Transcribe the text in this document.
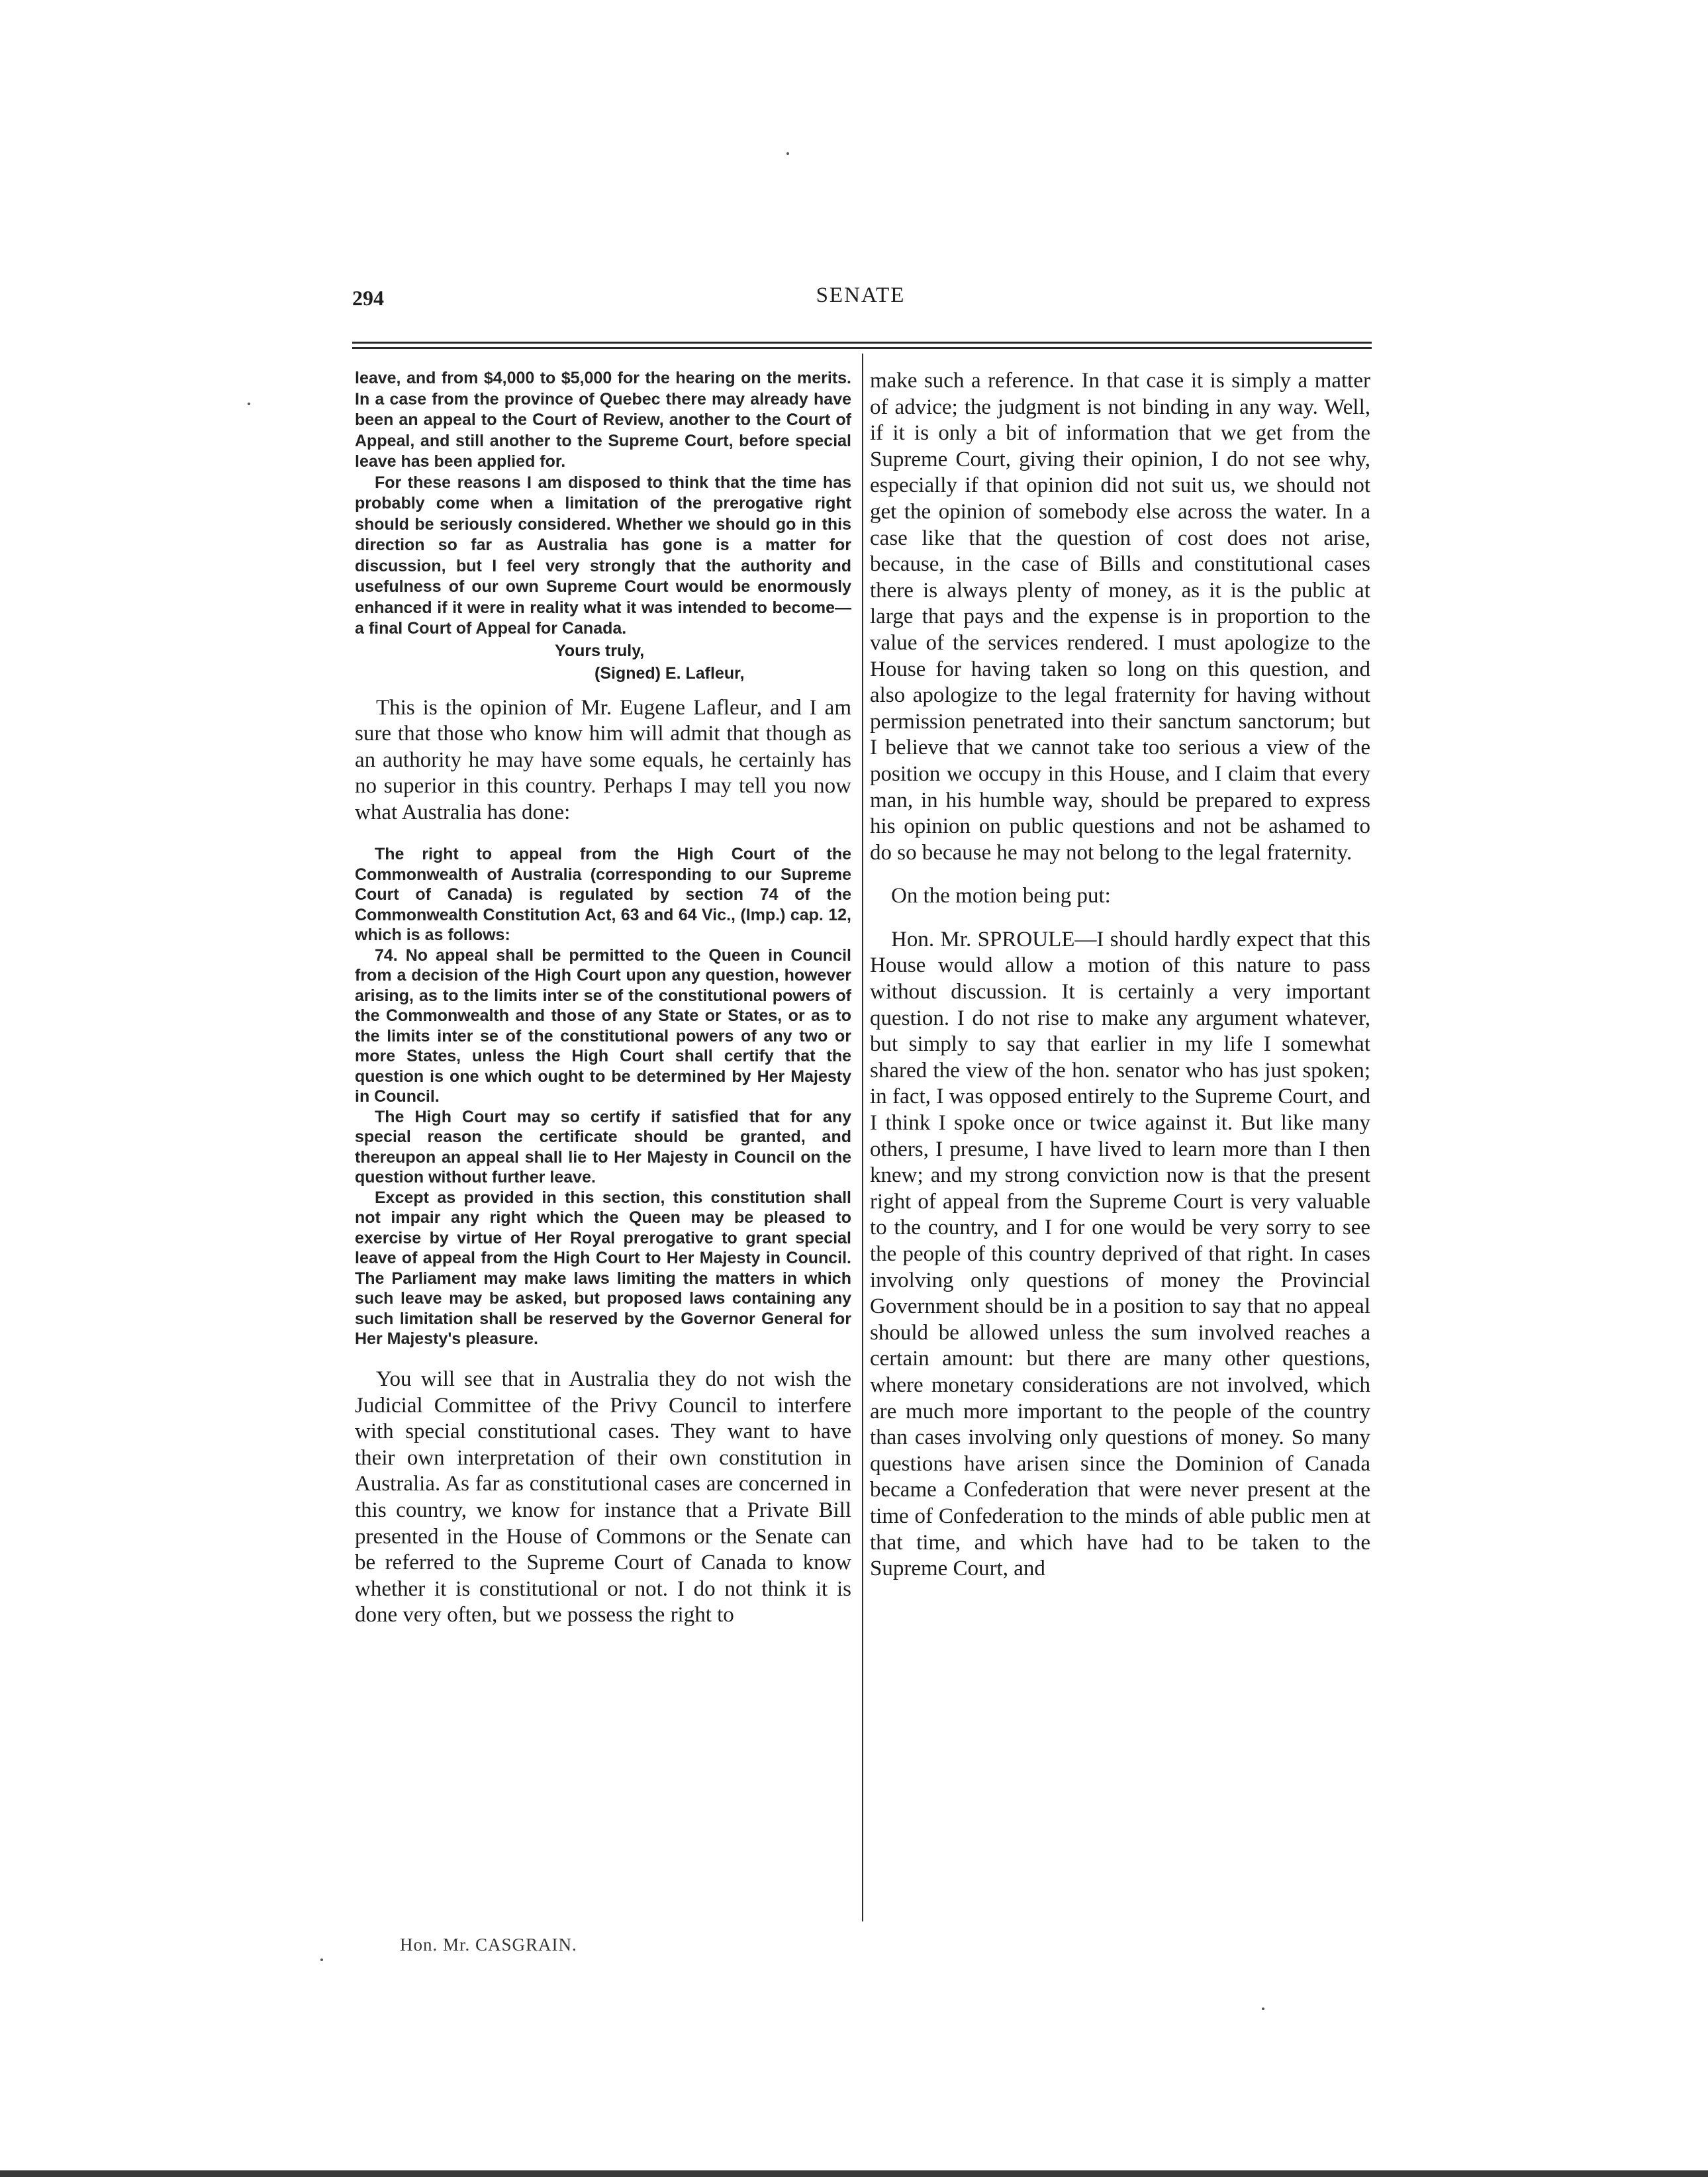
294	SENATE

leave, and from $4,000 to $5,000 for the hearing on the merits. In a case from the province of Quebec there may already have been an appeal to the Court of Review, another to the Court of Appeal, and still another to the Supreme Court, before special leave has been applied for.

For these reasons I am disposed to think that the time has probably come when a limitation of the prerogative right should be seriously considered. Whether we should go in this direction so far as Australia has gone is a matter for discussion, but I feel very strongly that the authority and usefulness of our own Supreme Court would be enormously enhanced if it were in reality what it was intended to become—a final Court of Appeal for Canada.

Yours truly,

(Signed) E. Lafleur,

This is the opinion of Mr. Eugene Lafleur, and I am sure that those who know him will admit that though as an authority he may have some equals, he certainly has no superior in this country. Perhaps I may tell you now what Australia has done:

The right to appeal from the High Court of the Commonwealth of Australia (corresponding to our Supreme Court of Canada) is regulated by section 74 of the Commonwealth Constitution Act, 63 and 64 Vic., (Imp.) cap. 12, which is as follows:

74. No appeal shall be permitted to the Queen in Council from a decision of the High Court upon any question, however arising, as to the limits inter se of the constitutional powers of the Commonwealth and those of any State or States, or as to the limits inter se of the constitutional powers of any two or more States, unless the High Court shall certify that the question is one which ought to be determined by Her Majesty in Council.

The High Court may so certify if satisfied that for any special reason the certificate should be granted, and thereupon an appeal shall lie to Her Majesty in Council on the question without further leave.

Except as provided in this section, this constitution shall not impair any right which the Queen may be pleased to exercise by virtue of Her Royal prerogative to grant special leave of appeal from the High Court to Her Majesty in Council. The Parliament may make laws limiting the matters in which such leave may be asked, but proposed laws containing any such limitation shall be reserved by the Governor General for Her Majesty's pleasure.

You will see that in Australia they do not wish the Judicial Committee of the Privy Council to interfere with special constitutional cases. They want to have their own interpretation of their own constitution in Australia. As far as constitutional cases are concerned in this country, we know for instance that a Private Bill presented in the House of Commons or the Senate can be referred to the Supreme Court of Canada to know whether it is constitutional or not. I do not think it is done very often, but we possess the right to

make such a reference. In that case it is simply a matter of advice; the judgment is not binding in any way. Well, if it is only a bit of information that we get from the Supreme Court, giving their opinion, I do not see why, especially if that opinion did not suit us, we should not get the opinion of somebody else across the water. In a case like that the question of cost does not arise, because, in the case of Bills and constitutional cases there is always plenty of money, as it is the public at large that pays and the expense is in proportion to the value of the services rendered. I must apologize to the House for having taken so long on this question, and also apologize to the legal fraternity for having without permission penetrated into their sanctum sanctorum; but I believe that we cannot take too serious a view of the position we occupy in this House, and I claim that every man, in his humble way, should be prepared to express his opinion on public questions and not be ashamed to do so because he may not belong to the legal fraternity.

On the motion being put:

Hon. Mr. SPROULE—I should hardly expect that this House would allow a motion of this nature to pass without discussion. It is certainly a very important question. I do not rise to make any argument whatever, but simply to say that earlier in my life I somewhat shared the view of the hon. senator who has just spoken; in fact, I was opposed entirely to the Supreme Court, and I think I spoke once or twice against it. But like many others, I presume, I have lived to learn more than I then knew; and my strong conviction now is that the present right of appeal from the Supreme Court is very valuable to the country, and I for one would be very sorry to see the people of this country deprived of that right. In cases involving only questions of money the Provincial Government should be in a position to say that no appeal should be allowed unless the sum involved reaches a certain amount: but there are many other questions, where monetary considerations are not involved, which are much more important to the people of the country than cases involving only questions of money. So many questions have arisen since the Dominion of Canada became a Confederation that were never present at the time of Confederation to the minds of able public men at that time, and which have had to be taken to the Supreme Court, and

Hon. Mr. CASGRAIN.
